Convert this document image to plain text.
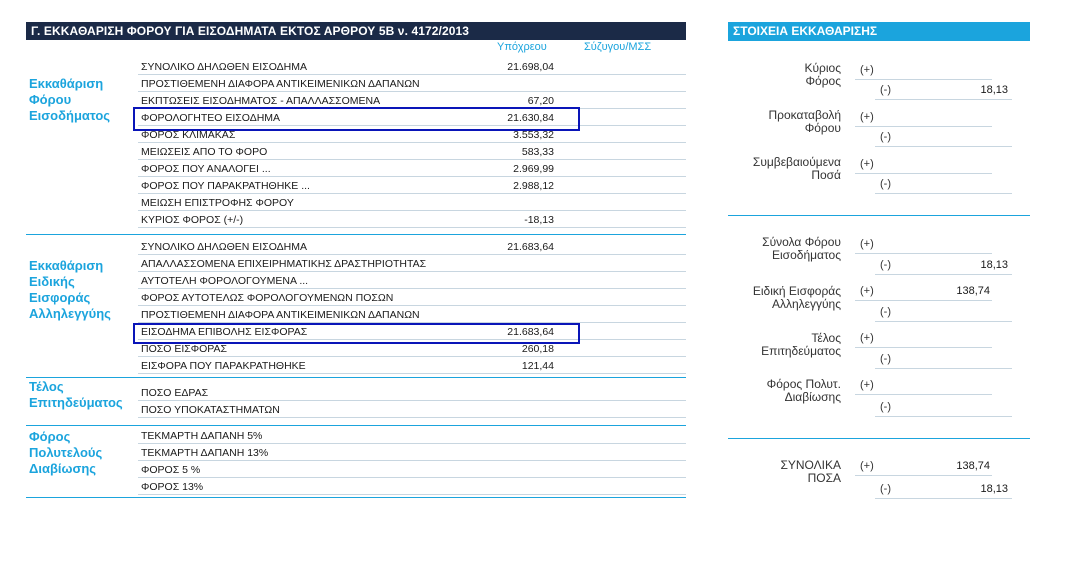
Γ. ΕΚΚΑΘΑΡΙΣΗ ΦΟΡΟΥ ΓΙΑ ΕΙΣΟΔΗΜΑΤΑ ΕΚΤΟΣ ΑΡΘΡΟΥ 5Β ν. 4172/2013
Υπόχρεου	Σύζυγου/ΜΣΣ
ΣΤΟΙΧΕΙΑ ΕΚΚΑΘΑΡΙΣΗΣ
Εκκαθάριση
Φόρου
Εισοδήματος
ΣΥΝΟΛΙΚΟ ΔΗΛΩΘΕΝ ΕΙΣΟΔΗΜΑ	21.698,04
ΠΡΟΣΤΙΘΕΜΕΝΗ ΔΙΑΦΟΡΑ ΑΝΤΙΚΕΙΜΕΝΙΚΩΝ ΔΑΠΑΝΩΝ
ΕΚΠΤΩΣΕΙΣ ΕΙΣΟΔΗΜΑΤΟΣ - ΑΠΑΛΛΑΣΣΟΜΕΝΑ	67,20
ΦΟΡΟΛΟΓΗΤΕΟ ΕΙΣΟΔΗΜΑ	21.630,84
ΦΟΡΟΣ ΚΛΙΜΑΚΑΣ	3.553,32
ΜΕΙΩΣΕΙΣ ΑΠΟ ΤΟ ΦΟΡΟ	583,33
ΦΟΡΟΣ ΠΟΥ ΑΝΑΛΟΓΕΙ ...	2.969,99
ΦΟΡΟΣ ΠΟΥ ΠΑΡΑΚΡΑΤΗΘΗΚΕ ...	2.988,12
ΜΕΙΩΣΗ ΕΠΙΣΤΡΟΦΗΣ ΦΟΡΟΥ
ΚΥΡΙΟΣ ΦΟΡΟΣ (+/-)	-18,13
Εκκαθάριση
Ειδικής
Εισφοράς
Αλληλεγγύης
ΣΥΝΟΛΙΚΟ ΔΗΛΩΘΕΝ ΕΙΣΟΔΗΜΑ	21.683,64
ΑΠΑΛΛΑΣΣΟΜΕΝΑ ΕΠΙΧΕΙΡΗΜΑΤΙΚΗΣ ΔΡΑΣΤΗΡΙΟΤΗΤΑΣ
ΑΥΤΟΤΕΛΗ ΦΟΡΟΛΟΓΟΥΜΕΝΑ ...
ΦΟΡΟΣ ΑΥΤΟΤΕΛΩΣ ΦΟΡΟΛΟΓΟΥΜΕΝΩΝ ΠΟΣΩΝ
ΠΡΟΣΤΙΘΕΜΕΝΗ ΔΙΑΦΟΡΑ ΑΝΤΙΚΕΙΜΕΝΙΚΩΝ ΔΑΠΑΝΩΝ
ΕΙΣΟΔΗΜΑ ΕΠΙΒΟΛΗΣ ΕΙΣΦΟΡΑΣ	21.683,64
ΠΟΣΟ ΕΙΣΦΟΡΑΣ	260,18
ΕΙΣΦΟΡΑ ΠΟΥ ΠΑΡΑΚΡΑΤΗΘΗΚΕ	121,44
Τέλος
Επιτηδεύματος
ΠΟΣΟ ΕΔΡΑΣ
ΠΟΣΟ ΥΠΟΚΑΤΑΣΤΗΜΑΤΩΝ
Φόρος
Πολυτελούς
Διαβίωσης
ΤΕΚΜΑΡΤΗ ΔΑΠΑΝΗ 5%
ΤΕΚΜΑΡΤΗ ΔΑΠΑΝΗ 13%
ΦΟΡΟΣ 5 %
ΦΟΡΟΣ 13%
Κύριος
Φόρος
(+)
(-)	18,13
Προκαταβολή
Φόρου
(+)
(-)
Συμβεβαιούμενα
Ποσά
(+)
(-)
Σύνολα Φόρου
Εισοδήματος
(+)
(-)	18,13
Ειδική Εισφοράς
Αλληλεγγύης
(+)	138,74
(-)
Τέλος
Επιτηδεύματος
(+)
(-)
Φόρος Πολυτ.
Διαβίωσης
(+)
(-)
ΣΥΝΟΛΙΚΑ
ΠΟΣΑ
(+)	138,74
(-)	18,13
